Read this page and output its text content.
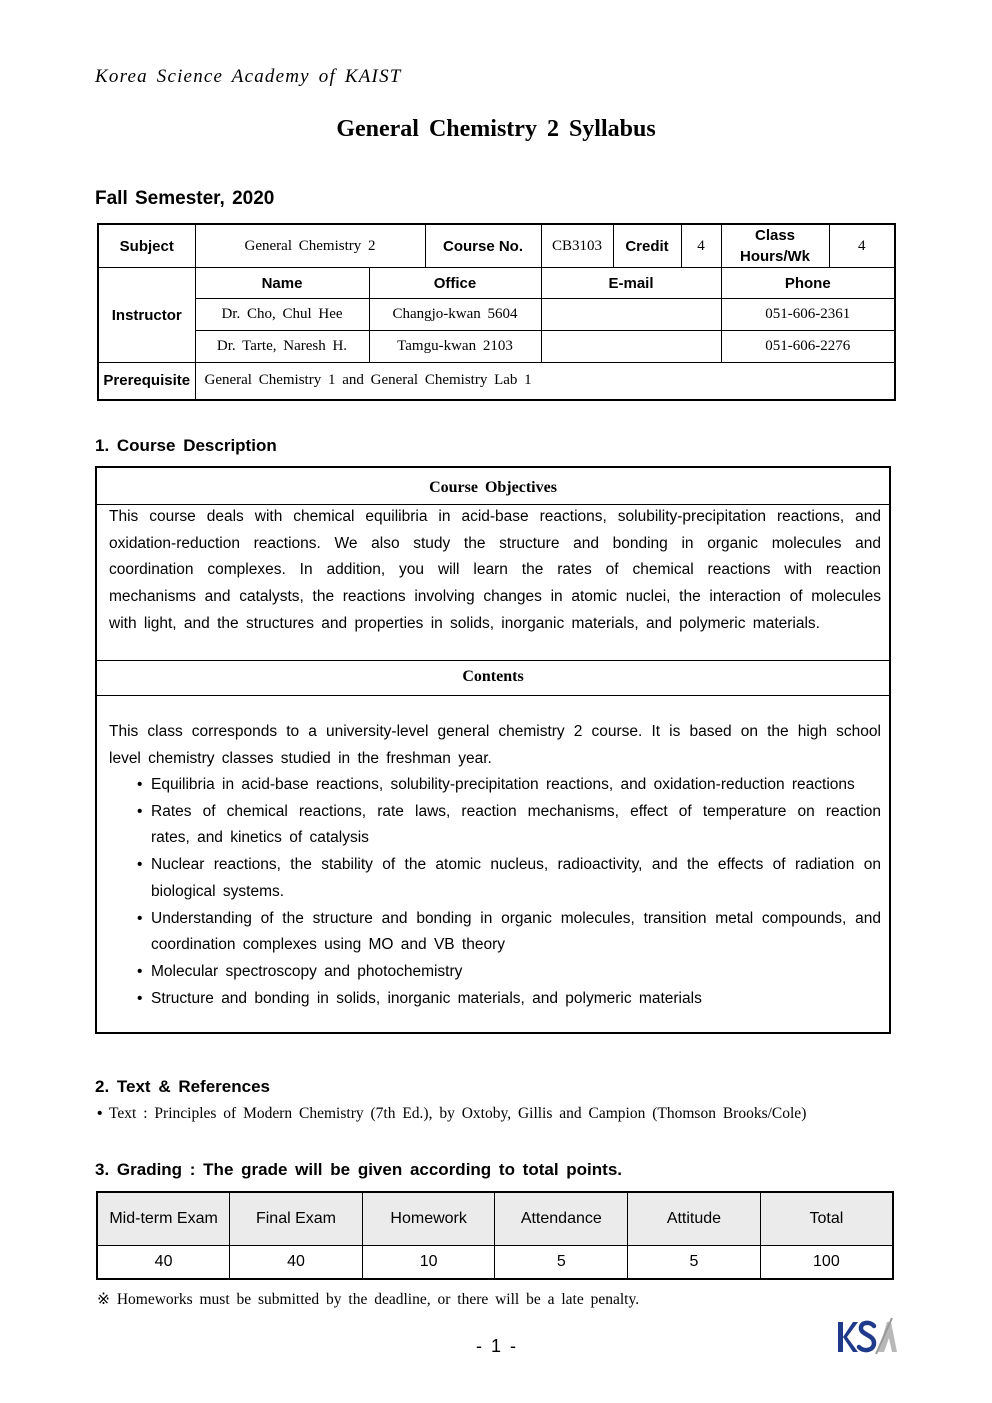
Korea Science Academy of KAIST
General Chemistry 2 Syllabus
Fall Semester, 2020
Subject	General Chemistry 2		Course No.	CB3103	Credit	4	Class Hours/Wk	4
Instructor	Name	Office		E-mail			Phone	
	Dr. Cho, Chul Hee	Changjo-kwan 5604					051-606-2361	
	Dr. Tarte, Naresh H.	Tamgu-kwan 2103					051-606-2276	
Prerequisite	General Chemistry 1 and General Chemistry Lab 1							
1. Course Description
Course Objectives
This course deals with chemical equilibria in acid-base reactions, solubility-precipitation reactions, and oxidation-reduction reactions. We also study the structure and bonding in organic molecules and coordination complexes. In addition, you will learn the rates of chemical reactions with reaction mechanisms and catalysts, the reactions involving changes in atomic nuclei, the interaction of molecules with light, and the structures and properties in solids, inorganic materials, and polymeric materials.
Contents
This class corresponds to a university-level general chemistry 2 course. It is based on the high school level chemistry classes studied in the freshman year.
• Equilibria in acid-base reactions, solubility-precipitation reactions, and oxidation-reduction reactions
• Rates of chemical reactions, rate laws, reaction mechanisms, effect of temperature on reaction rates, and kinetics of catalysis
• Nuclear reactions, the stability of the atomic nucleus, radioactivity, and the effects of radiation on biological systems.
• Understanding of the structure and bonding in organic molecules, transition metal compounds, and coordination complexes using MO and VB theory
• Molecular spectroscopy and photochemistry
• Structure and bonding in solids, inorganic materials, and polymeric materials
2. Text & References
• Text : Principles of Modern Chemistry (7th Ed.), by Oxtoby, Gillis and Campion (Thomson Brooks/Cole)
3. Grading : The grade will be given according to total points.
Mid-term Exam	Final Exam	Homework	Attendance	Attitude	Total
40	40	10	5	5	100
※ Homeworks must be submitted by the deadline, or there will be a late penalty.
- 1 -
